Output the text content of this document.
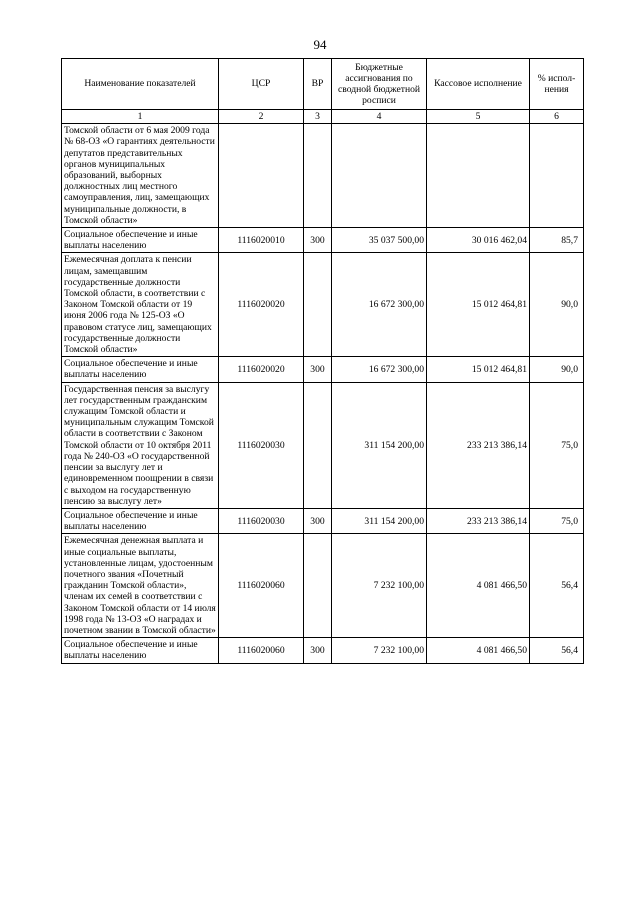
94
Наименование показателей	ЦСР	ВР	Бюджетные ассигнования по сводной бюджетной росписи	Кассовое исполнение	% испол- нения
1	2	3	4	5	6
Томской области от 6 мая 2009 года № 68-ОЗ «О гарантиях деятельности депутатов представительных органов муниципальных образований, выборных должностных лиц местного самоуправления, лиц, замещающих муниципальные должности, в Томской области»					
Социальное обеспечение и иные выплаты населению	1116020010	300	35 037 500,00	30 016 462,04	85,7
Ежемесячная доплата к пенсии лицам, замещавшим государственные должности Томской области, в соответствии с Законом Томской области от 19 июня 2006 года № 125-ОЗ «О правовом статусе лиц, замещающих государственные должности Томской области»	1116020020		16 672 300,00	15 012 464,81	90,0
Социальное обеспечение и иные выплаты населению	1116020020	300	16 672 300,00	15 012 464,81	90,0
Государственная пенсия за выслугу лет государственным гражданским служащим Томской области и муниципальным служащим Томской области в соответствии с Законом Томской области от 10 октября 2011 года № 240-ОЗ «О государственной пенсии за выслугу лет и единовременном поощрении в связи с выходом на государственную пенсию за выслугу лет»	1116020030		311 154 200,00	233 213 386,14	75,0
Социальное обеспечение и иные выплаты населению	1116020030	300	311 154 200,00	233 213 386,14	75,0
Ежемесячная денежная выплата и иные социальные выплаты, установленные лицам, удостоенным почетного звания «Почетный гражданин Томской области», членам их семей в соответствии с Законом Томской области от 14 июля 1998 года № 13-ОЗ «О наградах и почетном звании в Томской области»	1116020060		7 232 100,00	4 081 466,50	56,4
Социальное обеспечение и иные выплаты населению	1116020060	300	7 232 100,00	4 081 466,50	56,4
